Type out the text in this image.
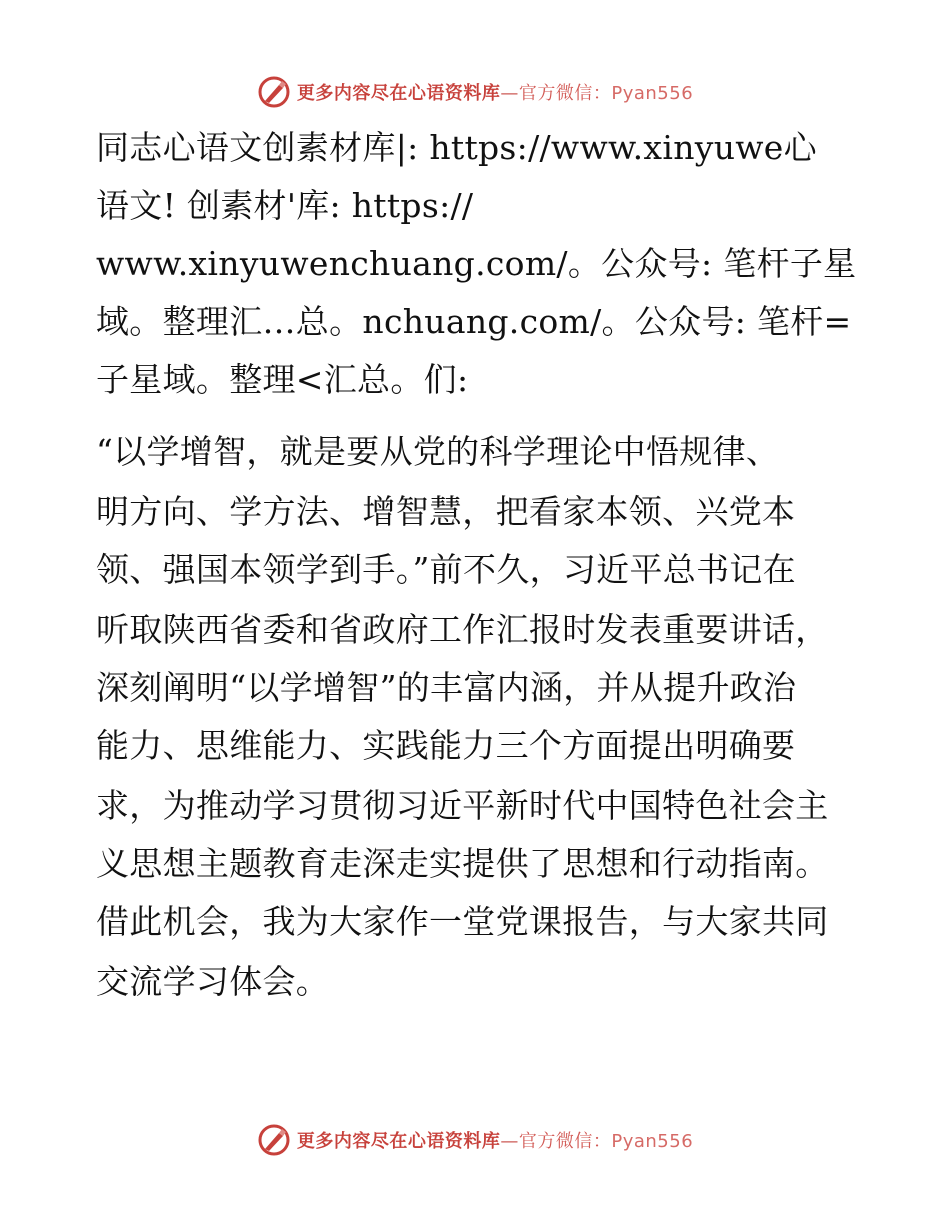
更多内容尽在心语资料库—官方微信：Pyan556
同志心语文创素材库|: https://www.xinyuwe心
语文! 创素材'库: https://
www.xinyuwenchuang.com/。公众号: 笔杆子星
域。整理汇…总。nchuang.com/。公众号: 笔杆=
子星域。整理<汇总。们:
“以学增智，就是要从党的科学理论中悟规律、
明方向、学方法、增智慧，把看家本领、兴党本
领、强国本领学到手。”前不久，习近平总书记在
听取陕西省委和省政府工作汇报时发表重要讲话，
深刻阐明“以学增智”的丰富内涵，并从提升政治
能力、思维能力、实践能力三个方面提出明确要
求，为推动学习贯彻习近平新时代中国特色社会主
义思想主题教育走深走实提供了思想和行动指南。
借此机会，我为大家作一堂党课报告，与大家共同
交流学习体会。
更多内容尽在心语资料库—官方微信：Pyan556
